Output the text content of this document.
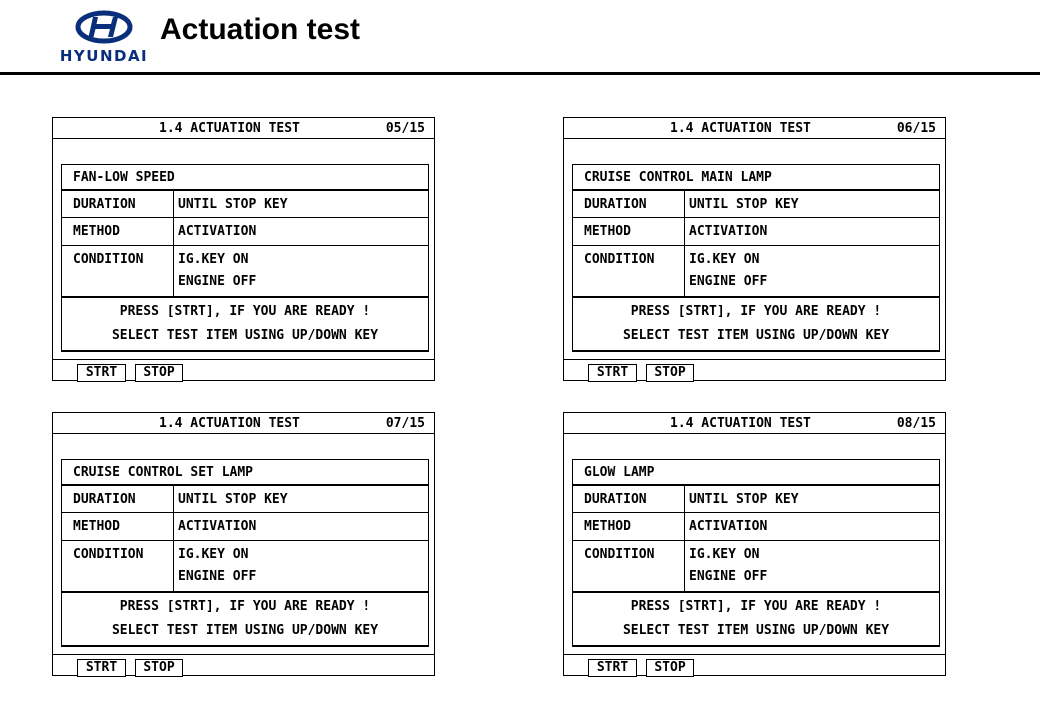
HYUNDAI
Actuation test
1.4 ACTUATION TEST	05/15
FAN-LOW SPEED
DURATION	UNTIL STOP KEY
METHOD	ACTIVATION
CONDITION	IG.KEY ON
ENGINE OFF
PRESS [STRT], IF YOU ARE READY !
SELECT TEST ITEM USING UP/DOWN KEY
STRT	STOP
1.4 ACTUATION TEST	06/15
CRUISE CONTROL MAIN LAMP
DURATION	UNTIL STOP KEY
METHOD	ACTIVATION
CONDITION	IG.KEY ON
ENGINE OFF
PRESS [STRT], IF YOU ARE READY !
SELECT TEST ITEM USING UP/DOWN KEY
STRT	STOP
1.4 ACTUATION TEST	07/15
CRUISE CONTROL SET LAMP
DURATION	UNTIL STOP KEY
METHOD	ACTIVATION
CONDITION	IG.KEY ON
ENGINE OFF
PRESS [STRT], IF YOU ARE READY !
SELECT TEST ITEM USING UP/DOWN KEY
STRT	STOP
1.4 ACTUATION TEST	08/15
GLOW LAMP
DURATION	UNTIL STOP KEY
METHOD	ACTIVATION
CONDITION	IG.KEY ON
ENGINE OFF
PRESS [STRT], IF YOU ARE READY !
SELECT TEST ITEM USING UP/DOWN KEY
STRT	STOP
